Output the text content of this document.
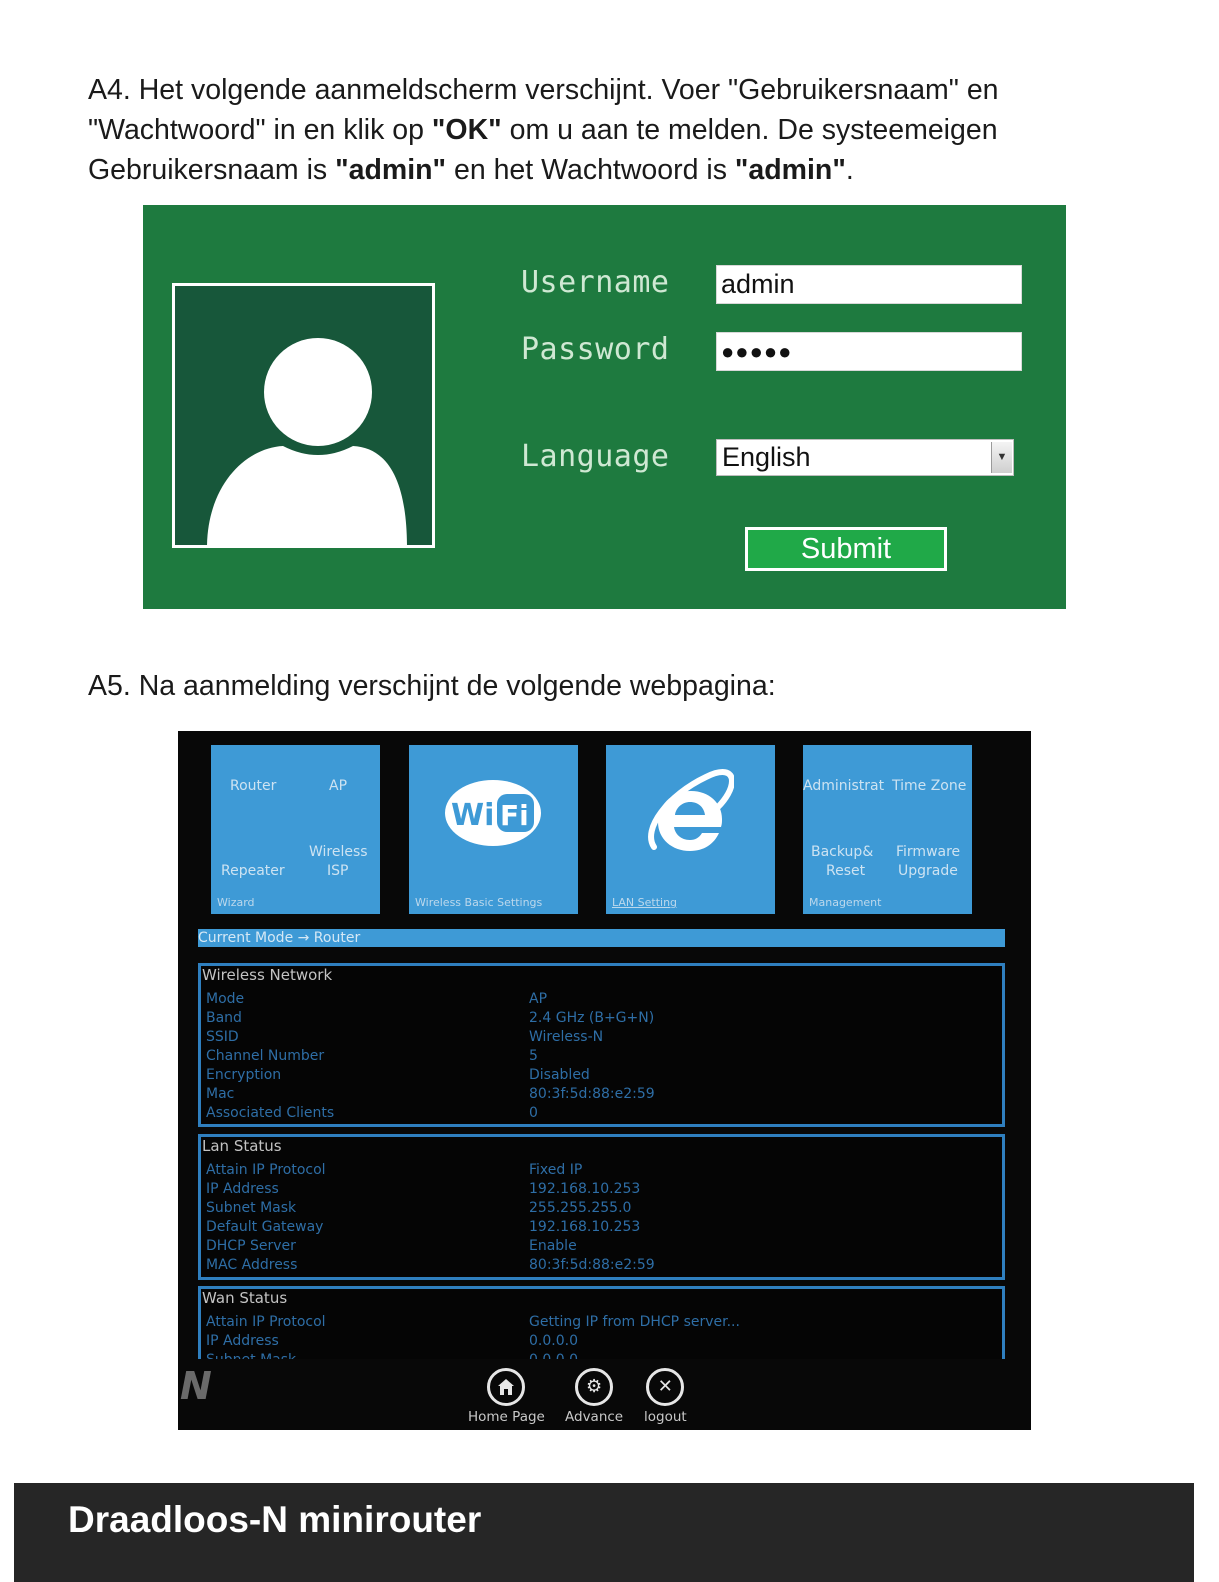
A4. Het volgende aanmeldscherm verschijnt. Voer "Gebruikersnaam" en "Wachtwoord" in en klik op "OK" om u aan te melden. De systeemeigen Gebruikersnaam is "admin" en het Wachtwoord is "admin".
Username admin
Password ●●●●●
Language English	▼
Submit
A5. Na aanmelding verschijnt de volgende webpagina:
Router	AP
Wireless
Repeater	ISP
Wizard
Wi Fi
Wireless Basic Settings	LAN Setting
Administrat Time Zone
Backup&
Reset
Firmware
Upgrade
Management
Current Mode → Router
Wireless Network
Mode	AP
Band	2.4 GHz (B+G+N)
SSID	Wireless-N
Channel Number	5
Encryption	Disabled
Mac	80:3f:5d:88:e2:59
Associated Clients	0
Lan Status
Attain IP Protocol	Fixed IP
IP Address	192.168.10.253
Subnet Mask	255.255.255.0
Default Gateway	192.168.10.253
DHCP Server	Enable
MAC Address	80:3f:5d:88:e2:59
Wan Status
Attain IP Protocol	Getting IP from DHCP server...
IP Address	0.0.0.0
N
Home Page
⚙
Advance
✕
logout
Draadloos-N minirouter
